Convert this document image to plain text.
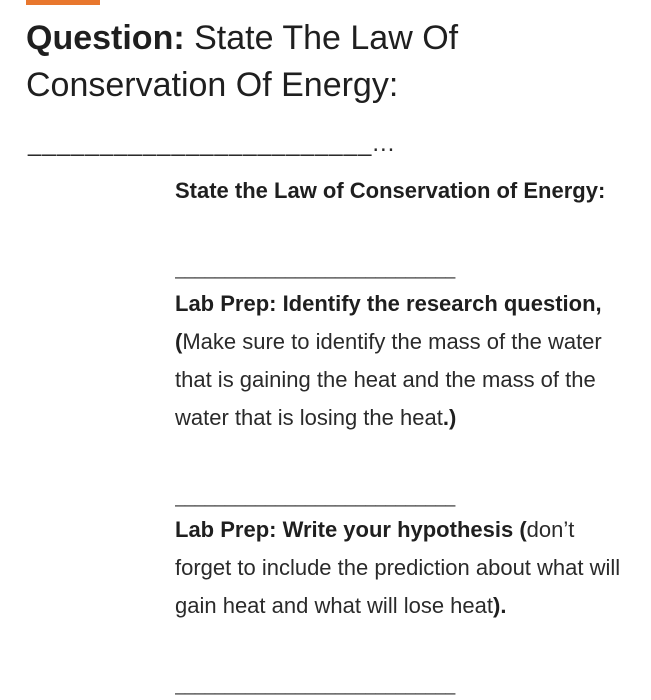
Question: State The Law Of Conservation Of Energy:
________________________...
State the Law of Conservation of Energy:
____________________________
Lab Prep: Identify the research question, (Make sure to identify the mass of the water that is gaining the heat and the mass of the water that is losing the heat.)
____________________________
Lab Prep: Write your hypothesis (don’t forget to include the prediction about what will gain heat and what will lose heat).
____________________________
